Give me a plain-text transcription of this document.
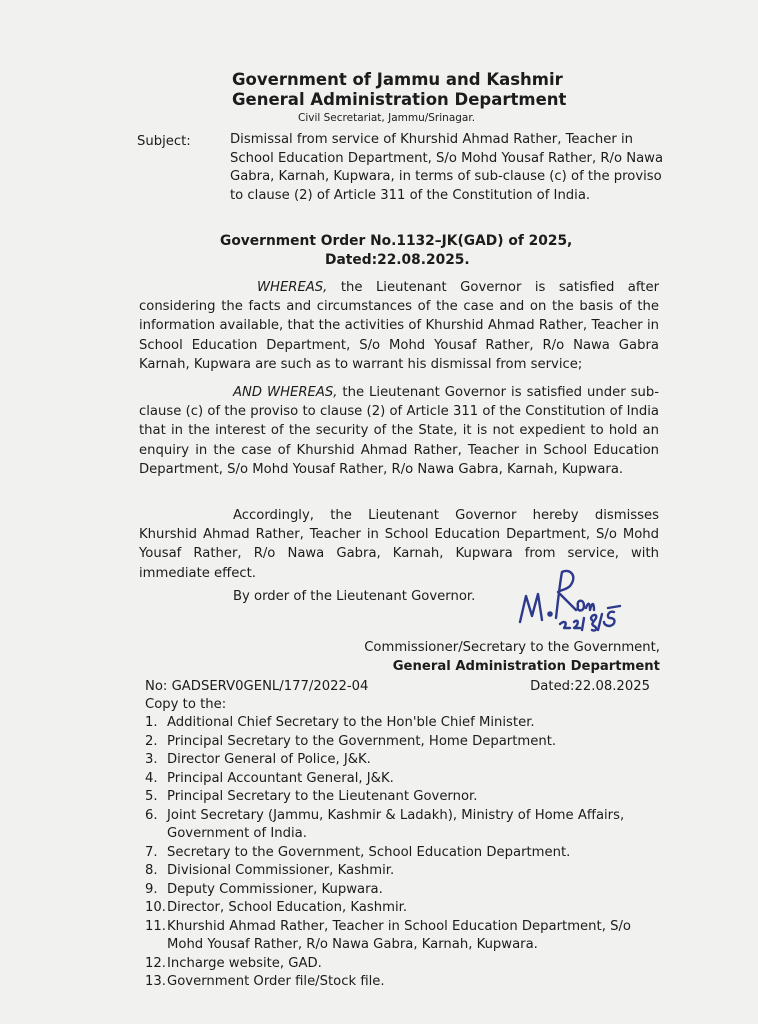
Government of Jammu and Kashmir
General Administration Department
Civil Secretariat, Jammu/Srinagar.
Subject:	Dismissal from service of Khurshid Ahmad Rather, Teacher in School Education Department, S/o Mohd Yousaf Rather, R/o Nawa Gabra, Karnah, Kupwara, in terms of sub-clause (c) of the proviso to clause (2) of Article 311 of the Constitution of India.
Government Order No.1132–JK(GAD) of 2025,
Dated:22.08.2025.
WHEREAS, the Lieutenant Governor is satisfied after considering the facts and circumstances of the case and on the basis of the information available, that the activities of Khurshid Ahmad Rather, Teacher in School Education Department, S/o Mohd Yousaf Rather, R/o Nawa Gabra Karnah, Kupwara are such as to warrant his dismissal from service;
AND WHEREAS, the Lieutenant Governor is satisfied under sub-clause (c) of the proviso to clause (2) of Article 311 of the Constitution of India that in the interest of the security of the State, it is not expedient to hold an enquiry in the case of Khurshid Ahmad Rather, Teacher in School Education Department, S/o Mohd Yousaf Rather, R/o Nawa Gabra, Karnah, Kupwara.
Accordingly, the Lieutenant Governor hereby dismisses Khurshid Ahmad Rather, Teacher in School Education Department, S/o Mohd Yousaf Rather, R/o Nawa Gabra, Karnah, Kupwara from service, with immediate effect.
By order of the Lieutenant Governor.
Commissioner/Secretary to the Government,
General Administration Department
No: GADSERV0GENL/177/2022-04	Dated:22.08.2025
Copy to the:
1. Additional Chief Secretary to the Hon'ble Chief Minister.
2. Principal Secretary to the Government, Home Department.
3. Director General of Police, J&K.
4. Principal Accountant General, J&K.
5. Principal Secretary to the Lieutenant Governor.
6. Joint Secretary (Jammu, Kashmir & Ladakh), Ministry of Home Affairs, Government of India.
7. Secretary to the Government, School Education Department.
8. Divisional Commissioner, Kashmir.
9. Deputy Commissioner, Kupwara.
10. Director, School Education, Kashmir.
11. Khurshid Ahmad Rather, Teacher in School Education Department, S/o Mohd Yousaf Rather, R/o Nawa Gabra, Karnah, Kupwara.
12. Incharge website, GAD.
13. Government Order file/Stock file.
